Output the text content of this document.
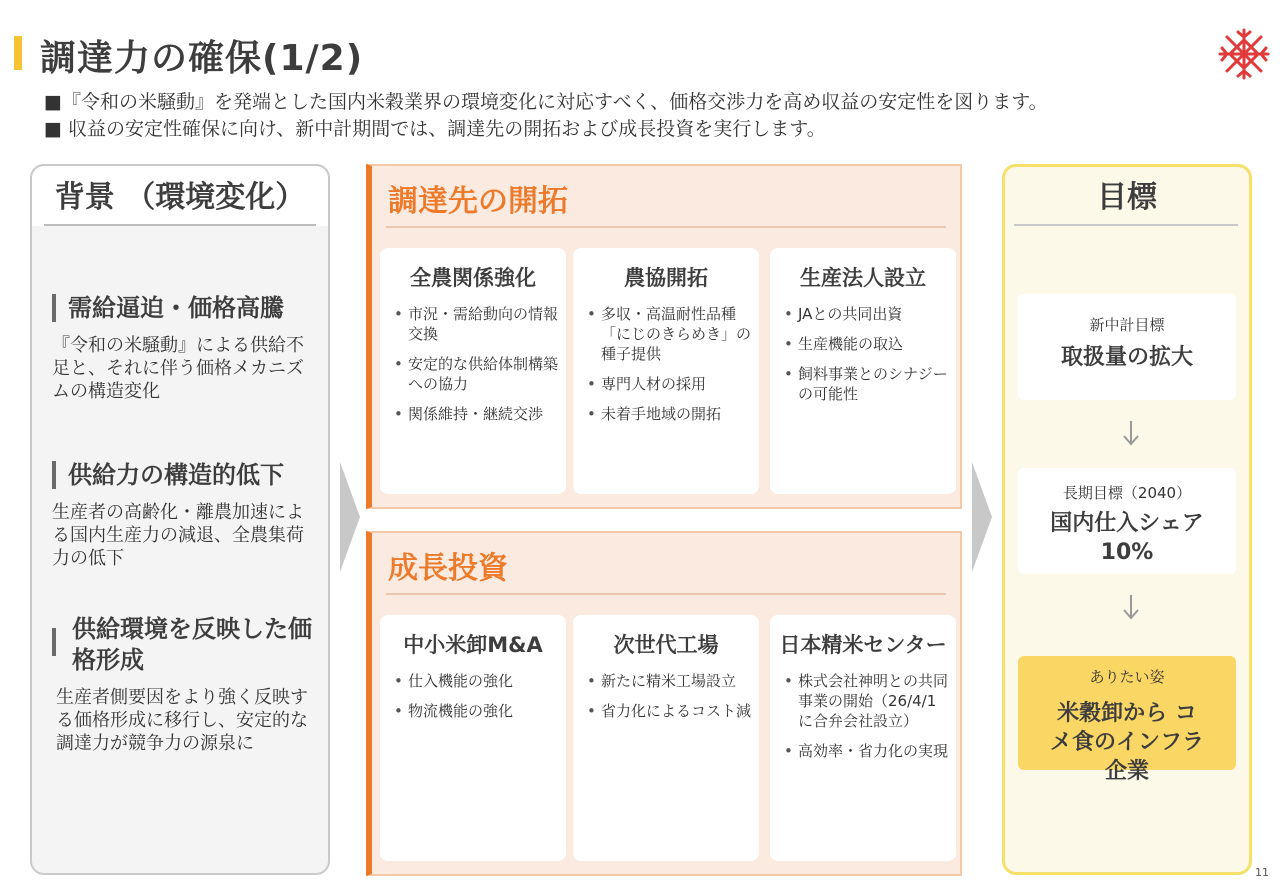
調達力の確保(1/2)
■『令和の米騒動』を発端とした国内米穀業界の環境変化に対応すべく、価格交渉力を高め収益の安定性を図ります。
■ 収益の安定性確保に向け、新中計期間では、調達先の開拓および成長投資を実行します。
背景 （環境変化）
需給逼迫・価格高騰
『令和の米騒動』による供給不足と、それに伴う価格メカニズムの構造変化
供給力の構造的低下
生産者の高齢化・離農加速による国内生産力の減退、全農集荷力の低下
供給環境を反映した価格形成
生産者側要因をより強く反映する価格形成に移行し、安定的な調達力が競争力の源泉に
調達先の開拓
全農関係強化
• 市況・需給動向の情報交換
• 安定的な供給体制構築への協力
• 関係維持・継続交渉
農協開拓
• 多収・高温耐性品種「にじのきらめき」の種子提供
• 専門人材の採用
• 未着手地域の開拓
生産法人設立
• JAとの共同出資
• 生産機能の取込
• 飼料事業とのシナジーの可能性
成長投資
中小米卸M&A
• 仕入機能の強化
• 物流機能の強化
次世代工場
• 新たに精米工場設立
• 省力化によるコスト減
日本精米センター
• 株式会社神明との共同事業の開始（26/4/1に合弁会社設立）
• 高効率・省力化の実現
目標
新中計目標
取扱量の拡大
長期目標（2040）
国内仕入シェア 10%
ありたい姿
米穀卸から コメ食のインフラ企業
11
